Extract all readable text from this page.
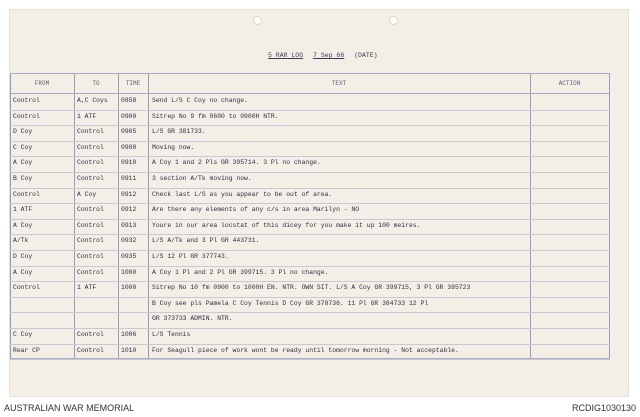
5 RAR LOG 7 Sep 66 (DATE)
FROM	TO	TIME	TEXT	ACTION
Control	A,C Coys	0858	Send L/S C Coy no change.
Control	1 ATF	0900	Sitrep No 9 fm 0600 to 0900H NTR.
D Coy	Control	0905	L/S GR 381733.
C Coy	Control	0908	Moving now.
A Coy	Control	0910	A Coy 1 and 2 Pls GR 395714. 3 Pl no change.
B Coy	Control	0911	3 section A/Tk moving now.
Control	A Coy	0912	Check last L/S as you appear to be out of area.
1 ATF	Control	0912	Are there any elements of any c/s in area Marilyn - NO
A Coy	Control	0913	Youre in our area locstat of this dicey for you make it up 100 meires.
A/Tk	Control	0932	L/S A/Tk and 3 Pl GR 443731.
D Coy	Control	0935	L/S 12 Pl GR 377743.
A Coy	Control	1000	A Coy 1 Pl and 2 Pl GR 399715. 3 Pl no change.
Control	1 ATF	1000	Sitrep No 10 fm 0900 to 1000H EN. NTR. OWN SIT. L/S A Coy GR 399715, 3 Pl GR 395723
B Coy see pls Pamela C Coy Tennis D Coy GR 378736. 11 Pl GR 384733 12 Pl
GR 373733 ADMIN. NTR.
C Coy	Control	1006	L/S Tennis
Rear CP	Control	1010	For Seagull piece of work wont be ready until tomorrow morning - Not acceptable.
AUSTRALIAN WAR MEMORIAL	RCDIG1030130
